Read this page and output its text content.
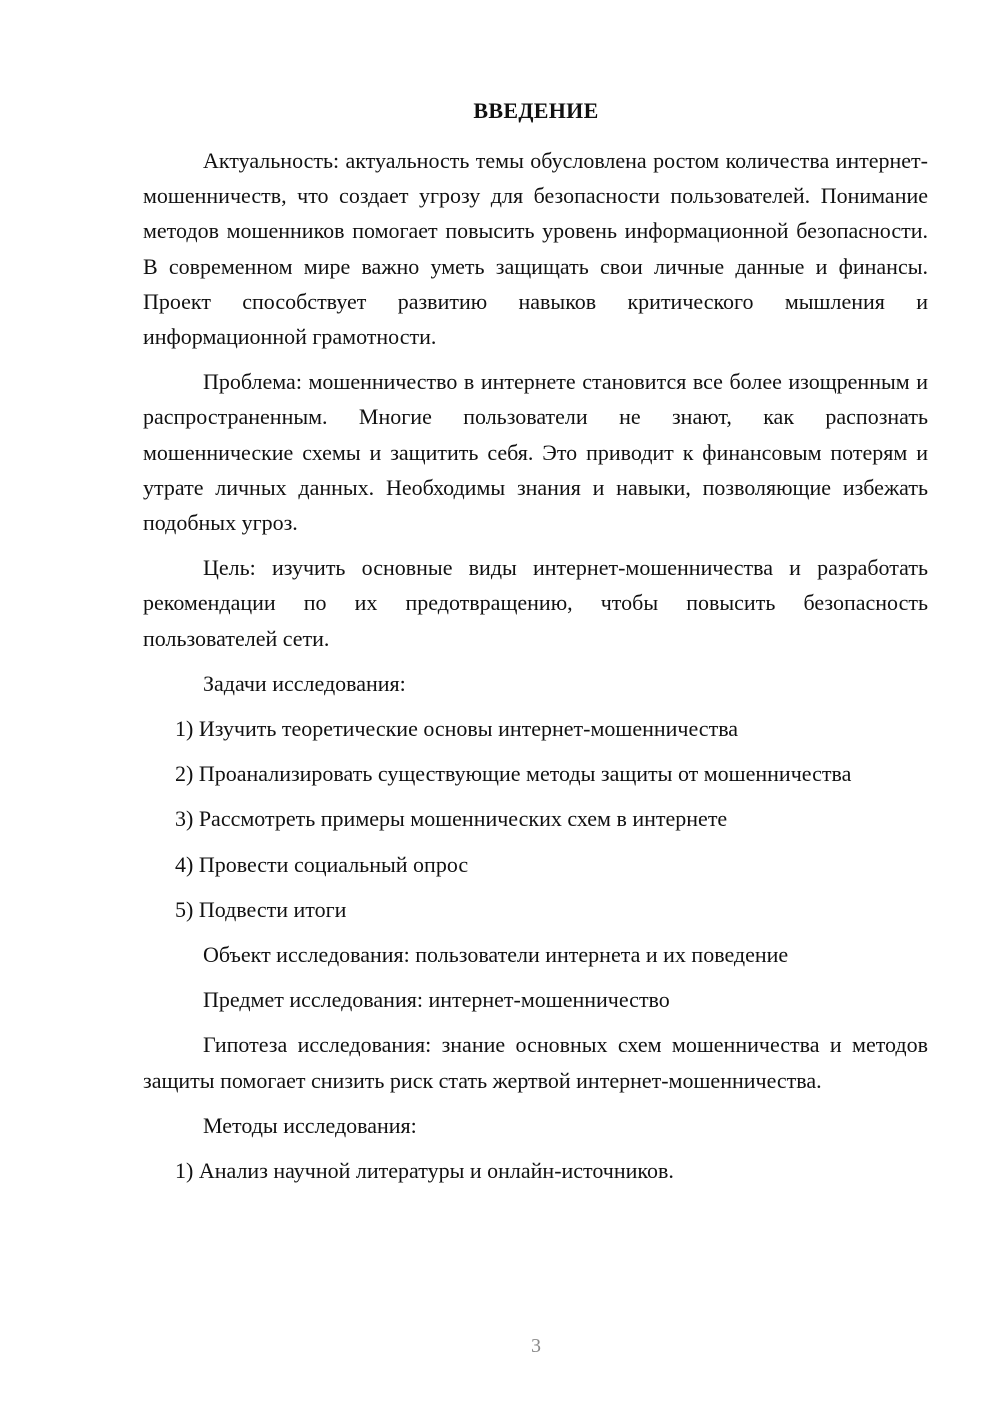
ВВЕДЕНИЕ

Актуальность: актуальность темы обусловлена ростом количества интернет-мошенничеств, что создает угрозу для безопасности пользователей. Понимание методов мошенников помогает повысить уровень информационной безопасности. В современном мире важно уметь защищать свои личные данные и финансы. Проект способствует развитию навыков критического мышления и информационной грамотности.

Проблема: мошенничество в интернете становится все более изощренным и распространенным. Многие пользователи не знают, как распознать мошеннические схемы и защитить себя. Это приводит к финансовым потерям и утрате личных данных. Необходимы знания и навыки, позволяющие избежать подобных угроз.

Цель: изучить основные виды интернет-мошенничества и разработать рекомендации по их предотвращению, чтобы повысить безопасность пользователей сети.

Задачи исследования:

1) Изучить теоретические основы интернет-мошенничества

2) Проанализировать существующие методы защиты от мошенничества

3) Рассмотреть примеры мошеннических схем в интернете

4) Провести социальный опрос

5) Подвести итоги

Объект исследования: пользователи интернета и их поведение

Предмет исследования: интернет-мошенничество

Гипотеза исследования: знание основных схем мошенничества и методов защиты помогает снизить риск стать жертвой интернет-мошенничества.

Методы исследования:

1) Анализ научной литературы и онлайн-источников.

3
